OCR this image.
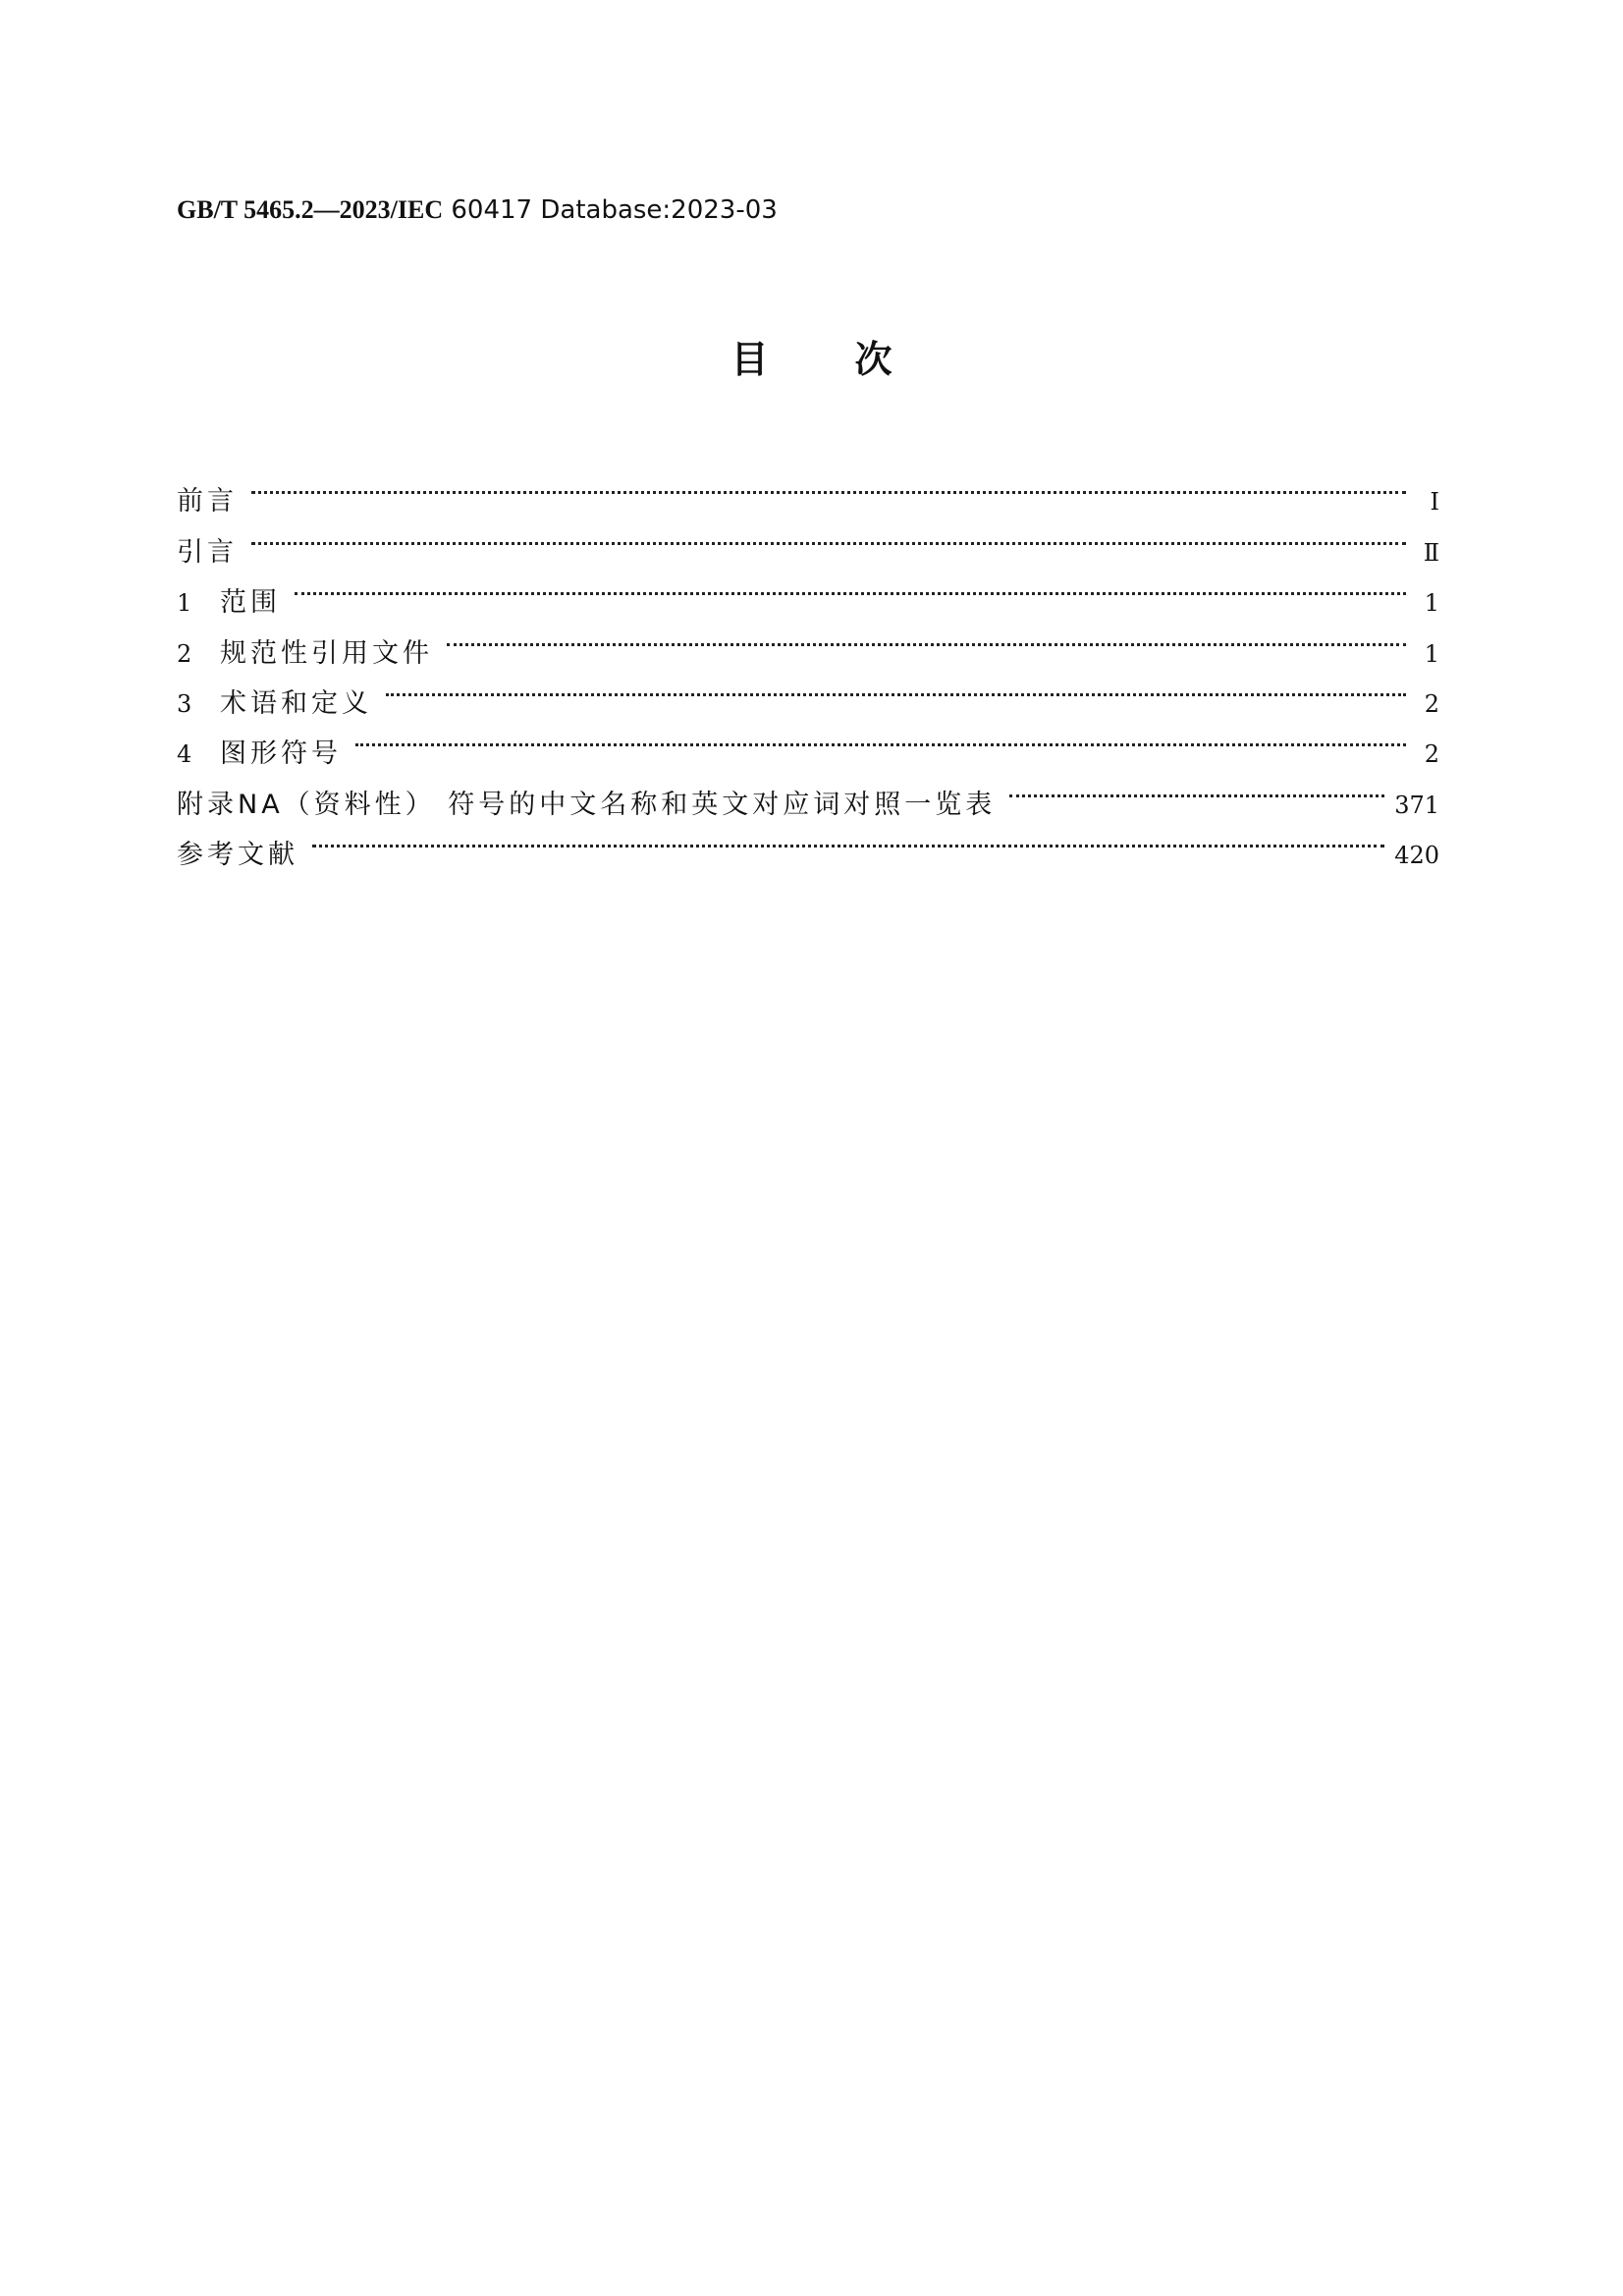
GB/T 5465.2—2023/IEC 60417 Database:2023-03
目次
前言	Ⅰ
引言	Ⅱ
1	范围	1
2	规范性引用文件	1
3	术语和定义	2
4	图形符号	2
附录NA（资料性） 符号的中文名称和英文对应词对照一览表	371
参考文献	420
